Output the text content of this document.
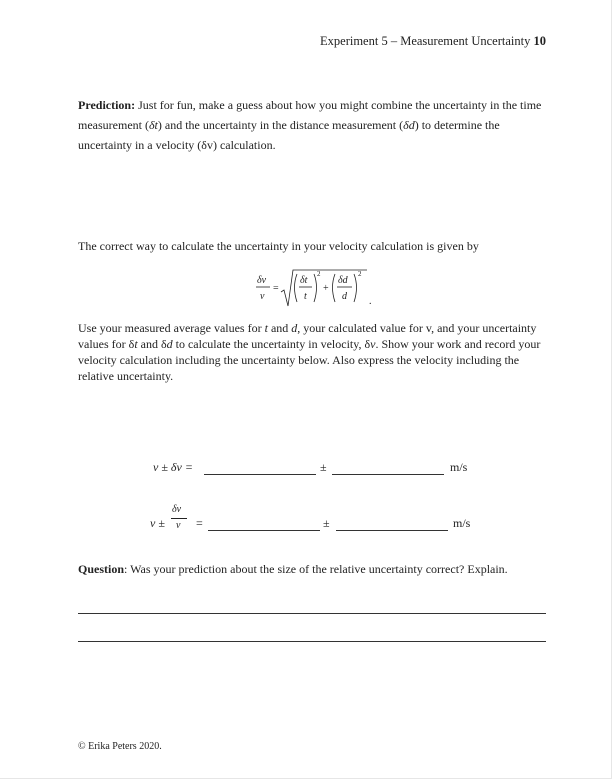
Experiment 5 – Measurement Uncertainty 10
Prediction: Just for fun, make a guess about how you might combine the uncertainty in the time measurement (δt) and the uncertainty in the distance measurement (δd) to determine the uncertainty in a velocity (δv) calculation.
The correct way to calculate the uncertainty in your velocity calculation is given by
δv
v
=
δt
t
2
+
δd
d
2
.
Use your measured average values for t and d, your calculated value for v, and your uncertainty values for δt and δd to calculate the uncertainty in velocity, δv. Show your work and record your velocity calculation including the uncertainty below. Also express the velocity including the relative uncertainty.
v ± δv =	±	m/s
v ±
δv
v =	±	m/s
Question: Was your prediction about the size of the relative uncertainty correct? Explain.
© Erika Peters 2020.
